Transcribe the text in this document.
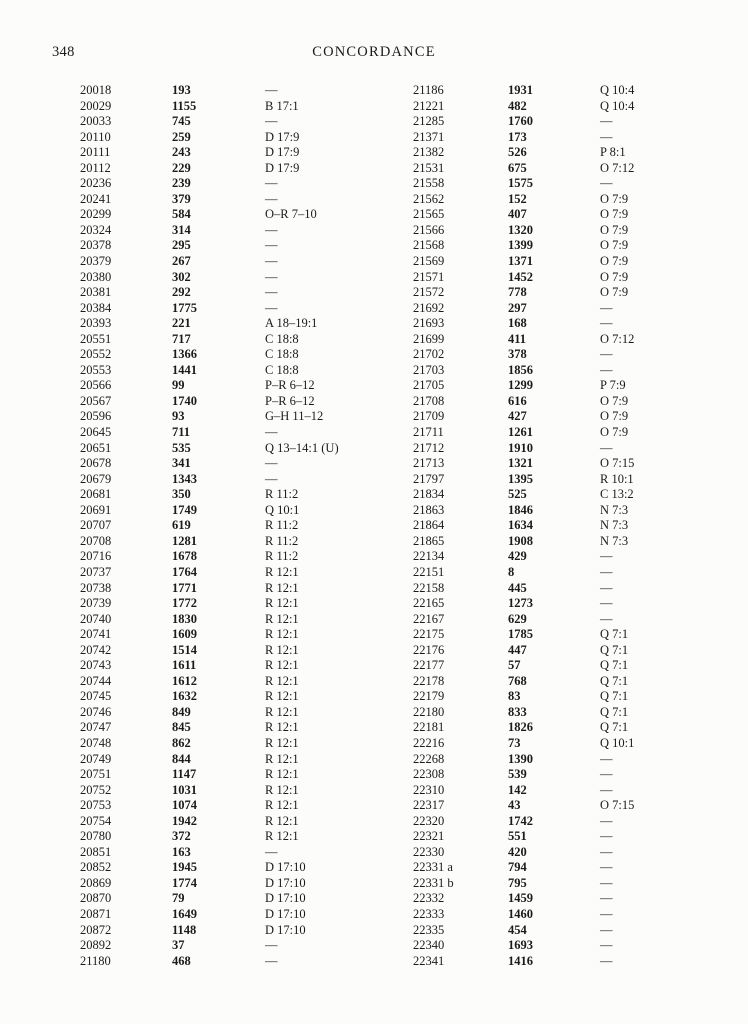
348	CONCORDANCE
20018	193	—
20029	1155	B 17:1
20033	745	—
20110	259	D 17:9
20111	243	D 17:9
20112	229	D 17:9
20236	239	—
20241	379	—
20299	584	O–R 7–10
20324	314	—
20378	295	—
20379	267	—
20380	302	—
20381	292	—
20384	1775	—
20393	221	A 18–19:1
20551	717	C 18:8
20552	1366	C 18:8
20553	1441	C 18:8
20566	99	P–R 6–12
20567	1740	P–R 6–12
20596	93	G–H 11–12
20645	711	—
20651	535	Q 13–14:1 (U)
20678	341	—
20679	1343	—
20681	350	R 11:2
20691	1749	Q 10:1
20707	619	R 11:2
20708	1281	R 11:2
20716	1678	R 11:2
20737	1764	R 12:1
20738	1771	R 12:1
20739	1772	R 12:1
20740	1830	R 12:1
20741	1609	R 12:1
20742	1514	R 12:1
20743	1611	R 12:1
20744	1612	R 12:1
20745	1632	R 12:1
20746	849	R 12:1
20747	845	R 12:1
20748	862	R 12:1
20749	844	R 12:1
20751	1147	R 12:1
20752	1031	R 12:1
20753	1074	R 12:1
20754	1942	R 12:1
20780	372	R 12:1
20851	163	—
20852	1945	D 17:10
20869	1774	D 17:10
20870	79	D 17:10
20871	1649	D 17:10
20872	1148	D 17:10
20892	37	—
21180	468	—
21186	1931	Q 10:4
21221	482	Q 10:4
21285	1760	—
21371	173	—
21382	526	P 8:1
21531	675	O 7:12
21558	1575	—
21562	152	O 7:9
21565	407	O 7:9
21566	1320	O 7:9
21568	1399	O 7:9
21569	1371	O 7:9
21571	1452	O 7:9
21572	778	O 7:9
21692	297	—
21693	168	—
21699	411	O 7:12
21702	378	—
21703	1856	—
21705	1299	P 7:9
21708	616	O 7:9
21709	427	O 7:9
21711	1261	O 7:9
21712	1910	—
21713	1321	O 7:15
21797	1395	R 10:1
21834	525	C 13:2
21863	1846	N 7:3
21864	1634	N 7:3
21865	1908	N 7:3
22134	429	—
22151	8	—
22158	445	—
22165	1273	—
22167	629	—
22175	1785	Q 7:1
22176	447	Q 7:1
22177	57	Q 7:1
22178	768	Q 7:1
22179	83	Q 7:1
22180	833	Q 7:1
22181	1826	Q 7:1
22216	73	Q 10:1
22268	1390	—
22308	539	—
22310	142	—
22317	43	O 7:15
22320	1742	—
22321	551	—
22330	420	—
22331 a	794	—
22331 b	795	—
22332	1459	—
22333	1460	—
22335	454	—
22340	1693	—
22341	1416	—
